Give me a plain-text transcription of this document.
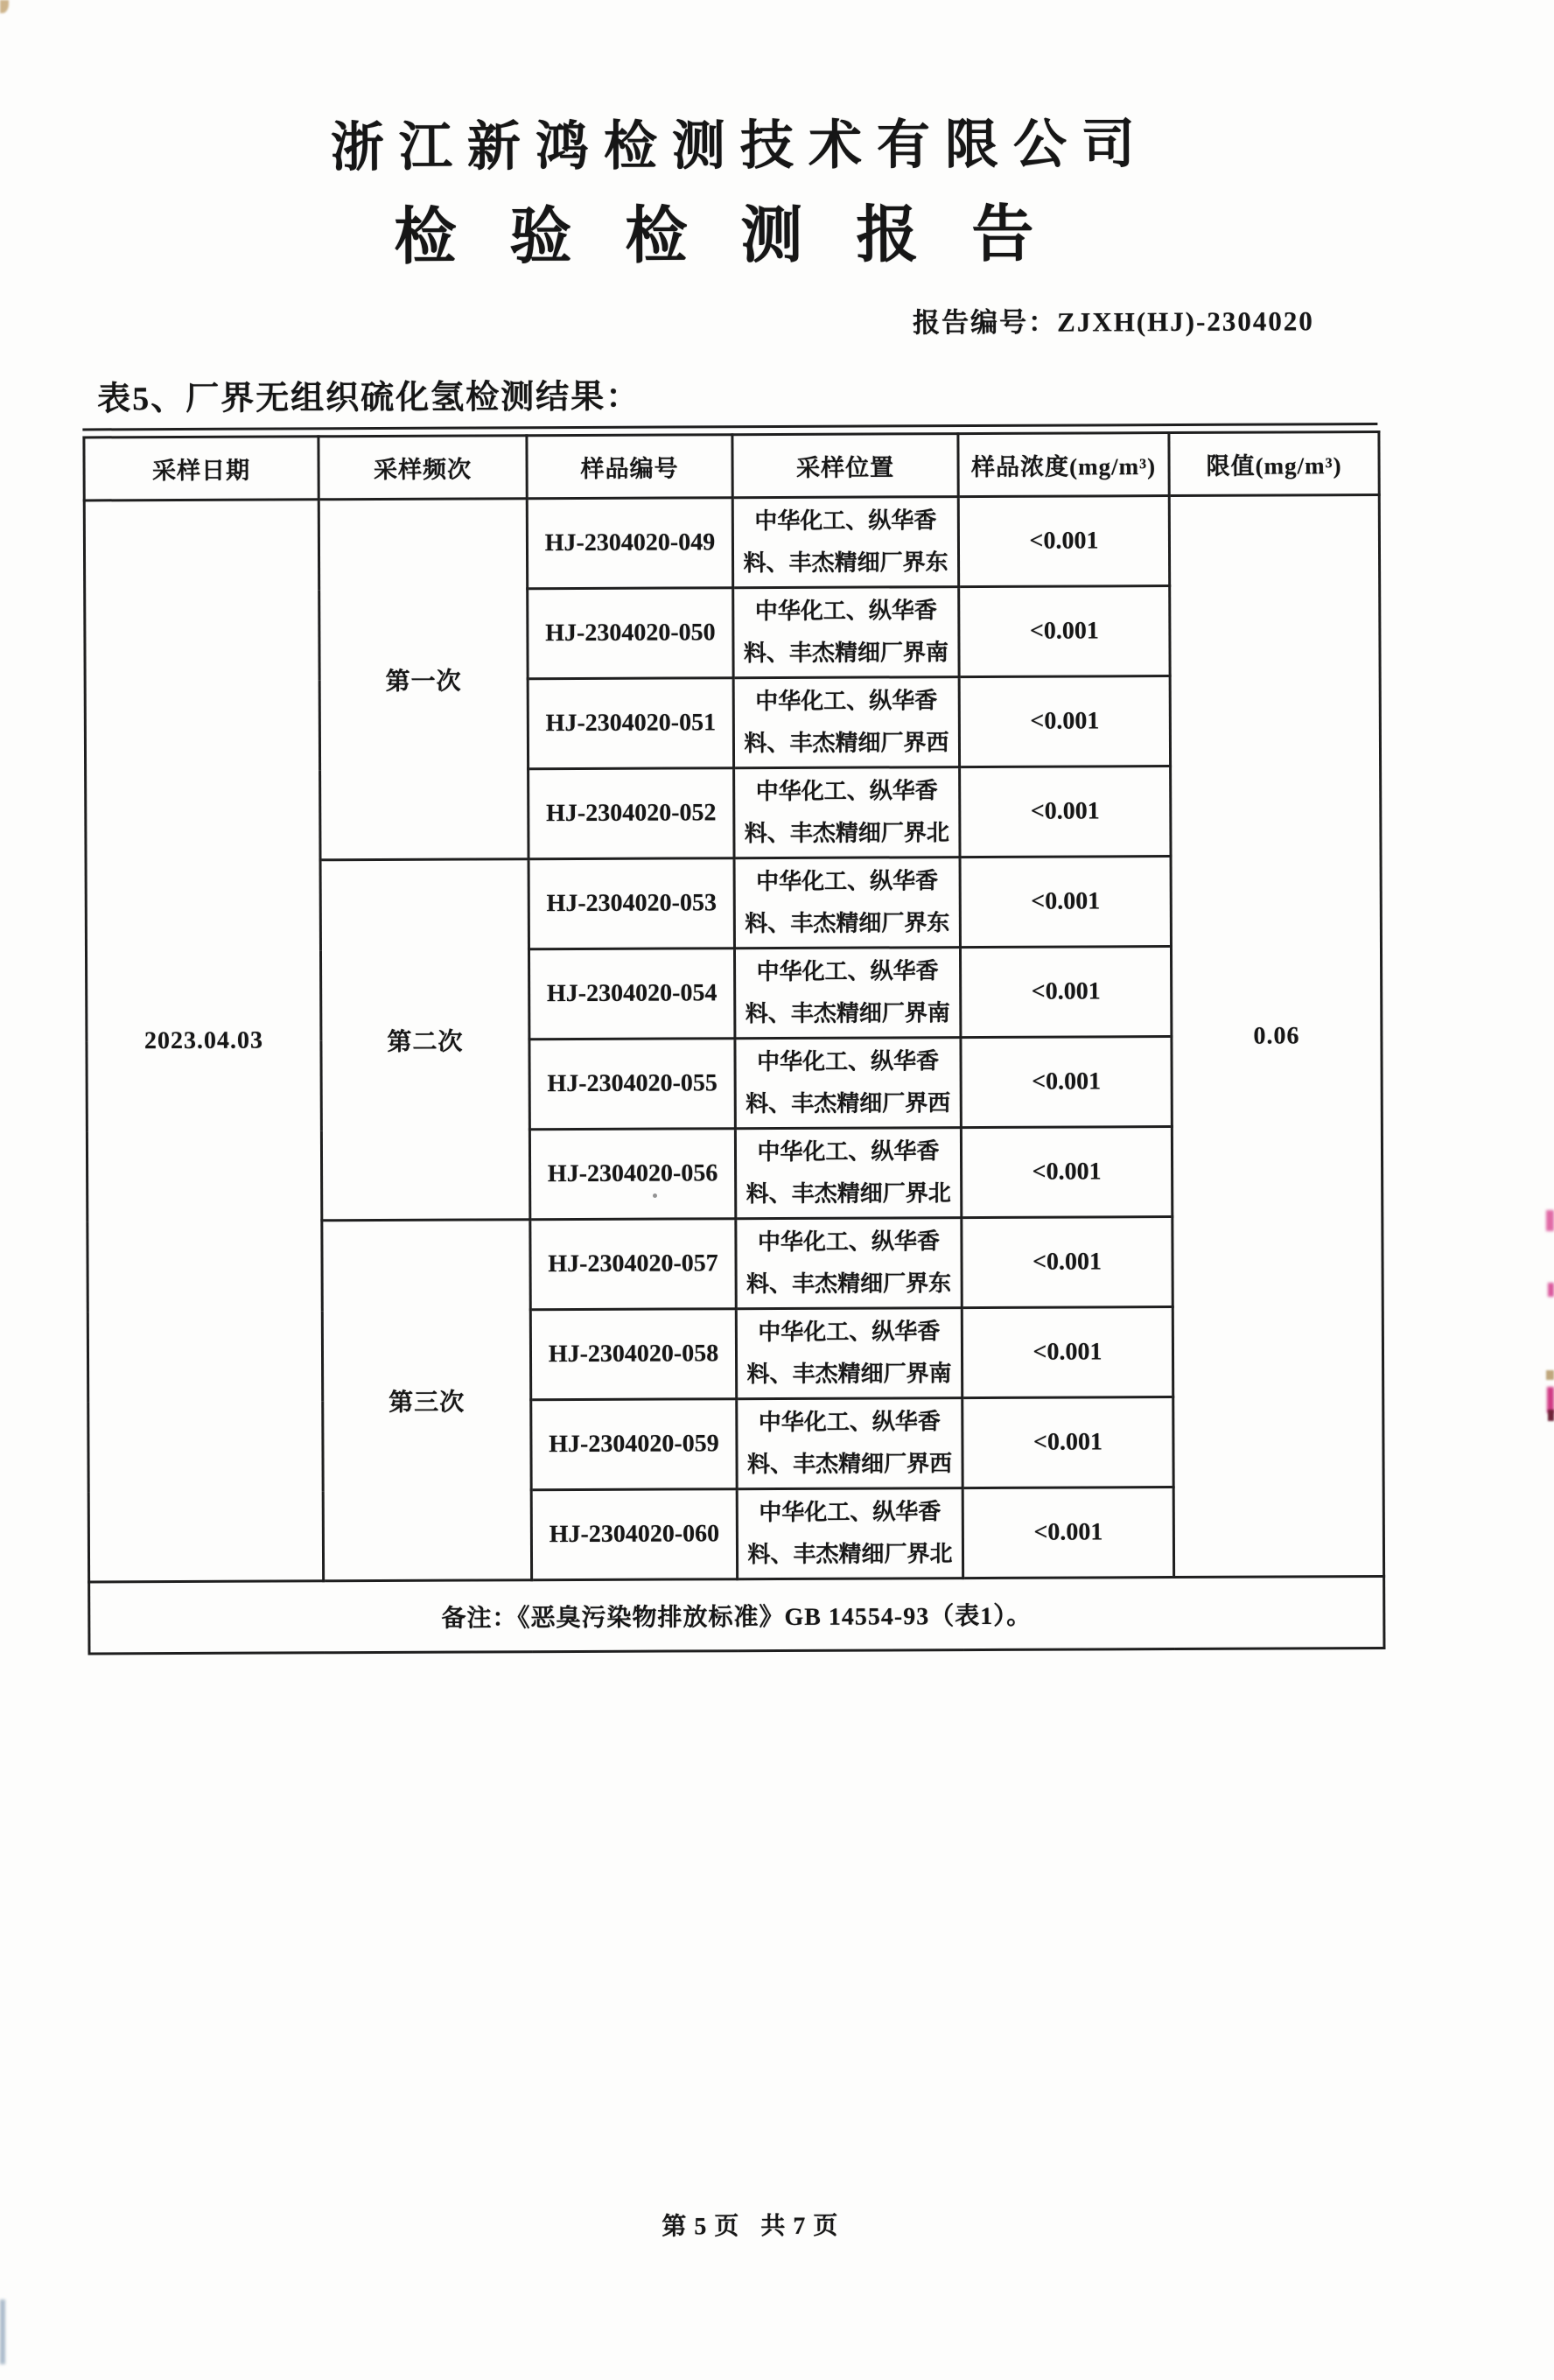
浙江新鸿检测技术有限公司
检验检测报告
报告编号：ZJXH(HJ)-2304020
表5、厂界无组织硫化氢检测结果：
采样日期	采样频次	样品编号	采样位置	样品浓度(mg/m³)	限值(mg/m³)
2023.04.03	第一次	HJ-2304020-049	中华化工、纵华香料、丰杰精细厂界东	<0.001	0.06
		HJ-2304020-050	中华化工、纵华香料、丰杰精细厂界南	<0.001	
		HJ-2304020-051	中华化工、纵华香料、丰杰精细厂界西	<0.001	
		HJ-2304020-052	中华化工、纵华香料、丰杰精细厂界北	<0.001	
	第二次	HJ-2304020-053	中华化工、纵华香料、丰杰精细厂界东	<0.001	
		HJ-2304020-054	中华化工、纵华香料、丰杰精细厂界南	<0.001	
		HJ-2304020-055	中华化工、纵华香料、丰杰精细厂界西	<0.001	
		HJ-2304020-056	中华化工、纵华香料、丰杰精细厂界北	<0.001	
	第三次	HJ-2304020-057	中华化工、纵华香料、丰杰精细厂界东	<0.001	
		HJ-2304020-058	中华化工、纵华香料、丰杰精细厂界南	<0.001	
		HJ-2304020-059	中华化工、纵华香料、丰杰精细厂界西	<0.001	
		HJ-2304020-060	中华化工、纵华香料、丰杰精细厂界北	<0.001	
备注：《恶臭污染物排放标准》GB 14554-93（表1）。					
第5页 共7页
